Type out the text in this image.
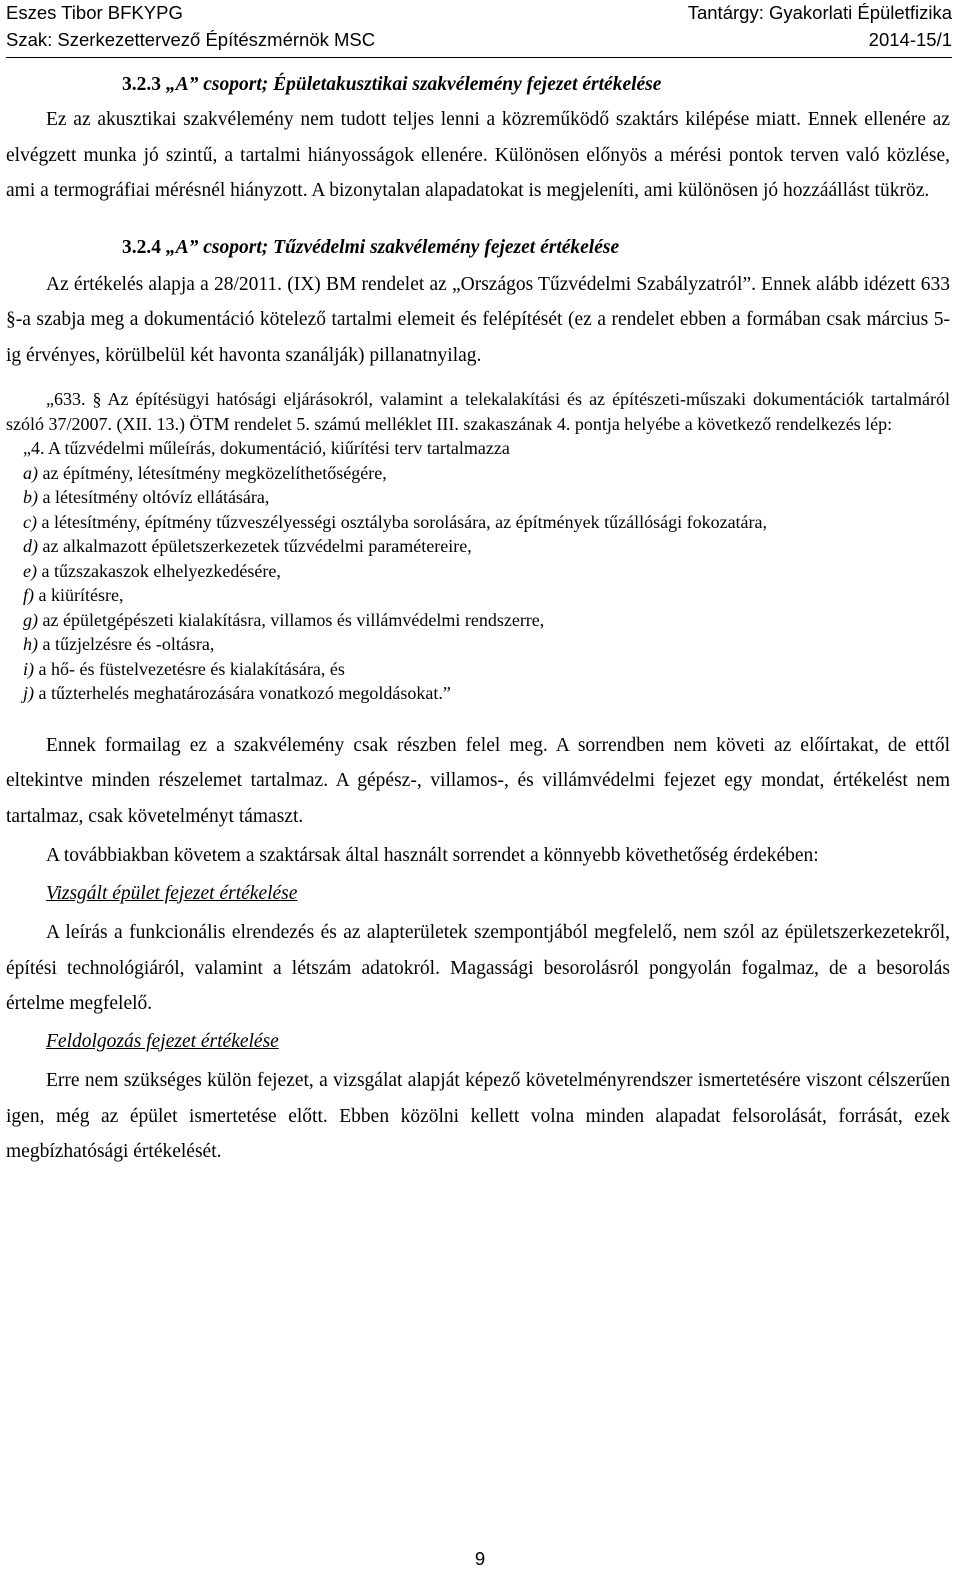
Eszes Tibor BFKYPG
Szak: Szerkezettervező Építészmérnök MSC
Tantárgy: Gyakorlati Épületfizika
2014-15/1

3.2.3 „A” csoport; Épületakusztikai szakvélemény fejezet értékelése

Ez az akusztikai szakvélemény nem tudott teljes lenni a közreműködő szaktárs kilépése miatt. Ennek ellenére az elvégzett munka jó szintű, a tartalmi hiányosságok ellenére. Különösen előnyös a mérési pontok terven való közlése, ami a termográfiai mérésnél hiányzott. A bizonytalan alapadatokat is megjeleníti, ami különösen jó hozzáállást tükröz.

3.2.4 „A” csoport; Tűzvédelmi szakvélemény fejezet értékelése

Az értékelés alapja a 28/2011. (IX) BM rendelet az „Országos Tűzvédelmi Szabályzatról”. Ennek alább idézett 633 §-a szabja meg a dokumentáció kötelező tartalmi elemeit és felépítését (ez a rendelet ebben a formában csak március 5-ig érvényes, körülbelül két havonta szanálják) pillanatnyilag.

„633. § Az építésügyi hatósági eljárásokról, valamint a telekalakítási és az építészeti-műszaki dokumentációk tartalmáról szóló 37/2007. (XII. 13.) ÖTM rendelet 5. számú melléklet III. szakaszának 4. pontja helyébe a következő rendelkezés lép:

„4. A tűzvédelmi műleírás, dokumentáció, kiűrítési terv tartalmazza

a) az építmény, létesítmény megközelíthetőségére,

b) a létesítmény oltóvíz ellátására,

c) a létesítmény, építmény tűzveszélyességi osztályba sorolására, az építmények tűzállósági fokozatára,

d) az alkalmazott épületszerkezetek tűzvédelmi paramétereire,

e) a tűzszakaszok elhelyezkedésére,

f) a kiürítésre,

g) az épületgépészeti kialakításra, villamos és villámvédelmi rendszerre,

h) a tűzjelzésre és -oltásra,

i) a hő- és füstelvezetésre és kialakítására, és

j) a tűzterhelés meghatározására vonatkozó megoldásokat.”

Ennek formailag ez a szakvélemény csak részben felel meg. A sorrendben nem követi az előírtakat, de ettől eltekintve minden részelemet tartalmaz. A gépész-, villamos-, és villámvédelmi fejezet egy mondat, értékelést nem tartalmaz, csak követelményt támaszt.

A továbbiakban követem a szaktársak által használt sorrendet a könnyebb követhetőség érdekében:

Vizsgált épület fejezet értékelése

A leírás a funkcionális elrendezés és az alapterületek szempontjából megfelelő, nem szól az épületszerkezetekről, építési technológiáról, valamint a létszám adatokról. Magassági besorolásról pongyolán fogalmaz, de a besorolás értelme megfelelő.

Feldolgozás fejezet értékelése

Erre nem szükséges külön fejezet, a vizsgálat alapját képező követelményrendszer ismertetésére viszont célszerűen igen, még az épület ismertetése előtt. Ebben közölni kellett volna minden alapadat felsorolását, forrását, ezek megbízhatósági értékelését.

9
